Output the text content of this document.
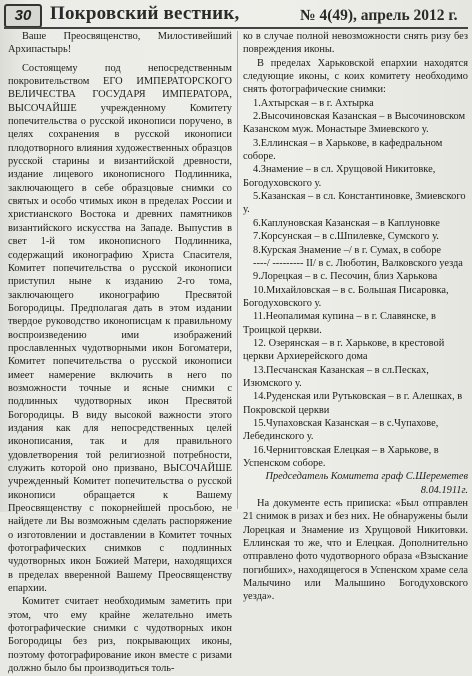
30 Покровский вестник,	№ 4(49), апрель 2012 г.

Ваше Преосвященство, Милостивейший Архипастырь!

Состоящему под непосредственным покровительством ЕГО ИМПЕРАТОРСКОГО ВЕЛИЧЕСТВА ГОСУДАРЯ ИМПЕРАТОРА, ВЫСОЧАЙШЕ учрежденному Комитету попечительства о русской иконописи поручено, в целях сохранения в русской иконописи плодотворного влияния художественных образцов русской старины и византийской древности, издание лицевого иконописного Подлинника, заключающего в себе образцовые снимки со святых и особо чтимых икон в пределах России и христианского Востока и древних памятников византийского искусства на Западе. Выпустив в свет 1-й том иконописного Подлинника, содержащий иконографию Христа Спасителя, Комитет попечительства о русской иконописи приступил ныне к изданию 2-го тома, заключающего иконографию Пресвятой Богородицы. Предполагая дать в этом издании твердое руководство иконописцам к правильному воспроизведению ими изображений прославленных чудотворными икон Богоматери, Комитет попечительства о русской иконописи имеет намерение включить в него по возможности точные и ясные снимки с подлинных чудотворных икон Пресвятой Богородицы. В виду высокой важности этого издания как для непосредственных целей иконописания, так и для правильного удовлетворения той религиозной потребности, служить которой оно призвано, ВЫСОЧАЙШЕ учрежденный Комитет попечительства о русской иконописи обращается к Вашему Преосвященству с покорнейшей просьбою, не найдете ли Вы возможным сделать распоряжение о изготовлении и доставлении в Комитет точных фотографических снимков с подлинных чудотворных икон Божией Матери, находящихся в пределах вверенной Вашему Преосвященству епархии.

Комитет считает необходимым заметить при этом, что ему крайне желательно иметь фотографические снимки с чудотворных икон Богородицы без риз, покрывающих иконы, поэтому фотографирование икон вместе с ризами должно было бы производиться толь-

ко в случае полной невозможности снять ризу без повреждения иконы.

В пределах Харьковской епархии находятся следующие иконы, с коих комитету необходимо снять фотографические снимки:

1.Ахтырская – в г. Ахтырка

2.Высочиновская Казанская – в Высочиновском Казанском муж. Монастыре Змиевского у.

3.Еллинская – в Харькове, в кафедральном соборе.

4.Знамение – в сл. Хрущовой Никитовке, Богодуховского у.

5.Казанская – в сл. Константиновке, Змиевского у.

6.Каплуновская Казанская – в Каплуновке

7.Корсунская – в с.Шпилевке, Сумского у.

8.Курская Знамение –/ в г. Сумах, в соборе

----/ --------- II/ в с. Люботин, Валковского уезда

9.Лорецкая – в с. Песочин, близ Харькова

10.Михайловская – в с. Большая Писаровка, Богодуховского у.

11.Неопалимая купина – в г. Славянске, в Троицкой церкви.

12. Озерянская – в г. Харькове, в крестовой церкви Архиерейского дома

13.Песчанская Казанская – в сл.Песках, Изюмского у.

14.Руденская или Рутьковская – в г. Алешках, в Покровской церкви

15.Чупаховская Казанская – в с.Чупахове, Лебединского у.

16.Чернигговская Елецкая – в Харькове, в Успенском соборе.

Председатель Комитета граф С.Шереметев

8.04.1911г.

На документе есть приписка: «Был отправлен 21 снимок в ризах и без них. Не обнаружены были Лорецкая и Знамение из Хрущовой Никитовки. Еллинская то же, что и Елецкая. Дополнительно отправлено фото чудотворного образа «Взыскание погибших», находящегося в Успенском храме села Малычино или Малышино Богодуховского уезда».
